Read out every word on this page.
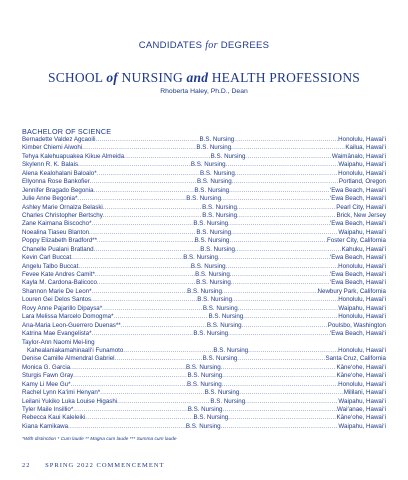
CANDIDATES for DEGREES
SCHOOL of NURSING and HEALTH PROFESSIONS
Rhoberta Haley, Ph.D., Dean
BACHELOR OF SCIENCE
Bernadette Valdez Agcaoili . . .	B.S. Nursing . . .	Honolulu, Hawai‘i
Kimber Chiemi Aiwohi . . .	B.S. Nursing . . .	Kailua, Hawai‘i
Tehya Kalehuapuakea Kikue Almeida . . .	B.S. Nursing . . .	Waimānalo, Hawai‘i
Skylenn R. K. Balais . . .	B.S. Nursing . . .	Waipahu, Hawai‘i
Alena Kealohalani Baloalo* . . .	B.S. Nursing . . .	Honolulu, Hawai‘i
Ellyonna Rose Bankofier . . .	B.S. Nursing . . .	Portland, Oregon
Jennifer Bragado Begonia . . .	B.S. Nursing . . .	‘Ewa Beach, Hawai‘i
Julie Anne Begonia* . . .	B.S. Nursing . . .	‘Ewa Beach, Hawai‘i
Ashley Marie Ornalza Belaski . . .	B.S. Nursing . . .	Pearl City, Hawai‘i
Charles Christopher Bertschy . . .	B.S. Nursing . . .	Brick, New Jersey
Zane Kaimana Biscocho* . . .	B.S. Nursing . . .	‘Ewa Beach, Hawai‘i
Noealina Tiaseu Blanton . . .	B.S. Nursing . . .	Waipahu, Hawai‘i
Poppy Elizabeth Bradford** . . .	B.S. Nursing . . .	Foster City, California
Chanelle Pualani Bratland . . .	B.S. Nursing . . .	Kahuku, Hawai‘i
Kevin Carl Buccat . . .	B.S. Nursing . . .	‘Ewa Beach, Hawai‘i
Angelu Talbo Buccat . . .	B.S. Nursing . . .	Honolulu, Hawai‘i
Fevee Kate Andres Camit* . . .	B.S. Nursing . . .	‘Ewa Beach, Hawai‘i
Kayla M. Cardona-Balicoco . . .	B.S. Nursing . . .	‘Ewa Beach, Hawai‘i
Shannon Marie De Leon* . . .	B.S. Nursing . . .	Newbury Park, California
Louren Gei Delos Santos . . .	B.S. Nursing . . .	Honolulu, Hawai‘i
Rovy Anne Pajarillo Dipaysa* . . .	B.S. Nursing . . .	Waipahu, Hawai‘i
Lara Melissa Marcelo Domogma* . . .	B.S. Nursing . . .	Honolulu, Hawai‘i
Ana-Maria Leon-Guerrero Duenas** . . .	B.S. Nursing . . .	Poulsbo, Washington
Katrina Mae Evangelista* . . .	B.S. Nursing . . .	‘Ewa Beach, Hawai‘i
Taylor-Ann Naomi Mei-ling
Kahealaniakamahinaali‘i Funamoto . . .	B.S. Nursing . . .	Honolulu, Hawai‘i
Denise Camille Almendral Gabriel . . .	B.S. Nursing . . .	Santa Cruz, California
Monica G. Garcia . . .	B.S. Nursing . . .	Kāne‘ohe, Hawai‘i
Sturgis Fawn Gray . . .	B.S. Nursing . . .	Kāne‘ohe, Hawai‘i
Kamy Li Mee Gu* . . .	B.S. Nursing . . .	Honolulu, Hawai‘i
Rachel Lynn Ka‘imi Henyan* . . .	B.S. Nursing . . .	Mililani, Hawai‘i
Leilani Yukiko Luka Louise Higashi . . .	B.S. Nursing . . .	Waipahu, Hawai‘i
Tyler Maile Insillio* . . .	B.S. Nursing . . .	Wai‘anae, Hawai‘i
Rebecca Kaui Kaleleiki . . .	B.S. Nursing . . .	Kāne‘ohe, Hawai‘i
Kiana Kamikawa . . .	B.S. Nursing . . .	Waipahu, Hawai‘i
*With distinction * Cum laude ** Magna cum laude *** Summa cum laude
22 SPRING 2022 COMMENCEMENT
